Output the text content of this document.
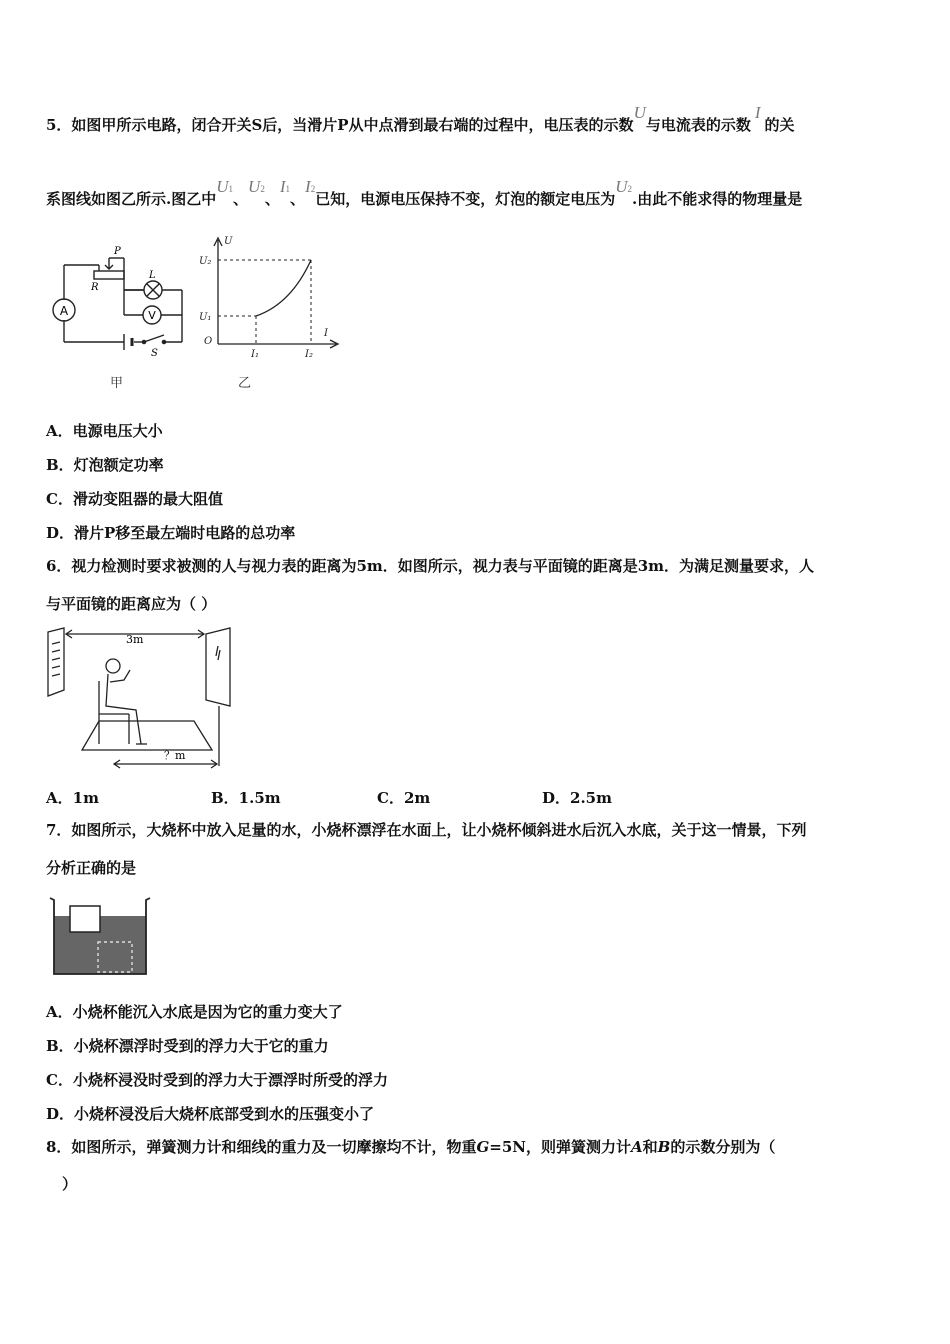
5．如图甲所示电路，闭合开关S后，当滑片P从中点滑到最右端的过程中，电压表的示数U与电流表的示数I的关
系图线如图乙所示.图乙中U1、U2、I1、I2已知，电源电压保持不变，灯泡的额定电压为U2.由此不能求得的物理量是
A	V
P
R
L
S
甲
U
U₂
U₁
O
I
I₁	I₂
乙
A．电源电压大小
B．灯泡额定功率
C．滑动变阻器的最大阻值
D．滑片P移至最左端时电路的总功率
6．视力检测时要求被测的人与视力表的距离为5m．如图所示，视力表与平面镜的距离是3m．为满足测量要求，人
与平面镜的距离应为（ ）
3m
？m
A．1m	B．1.5m	C．2m	D．2.5m
7．如图所示，大烧杯中放入足量的水，小烧杯漂浮在水面上，让小烧杯倾斜进水后沉入水底，关于这一情景，下列
分析正确的是
A．小烧杯能沉入水底是因为它的重力变大了
B．小烧杯漂浮时受到的浮力大于它的重力
C．小烧杯浸没时受到的浮力大于漂浮时所受的浮力
D．小烧杯浸没后大烧杯底部受到水的压强变小了
8．如图所示，弹簧测力计和细线的重力及一切摩擦均不计，物重G=5N，则弹簧测力计A和B的示数分别为（
）
